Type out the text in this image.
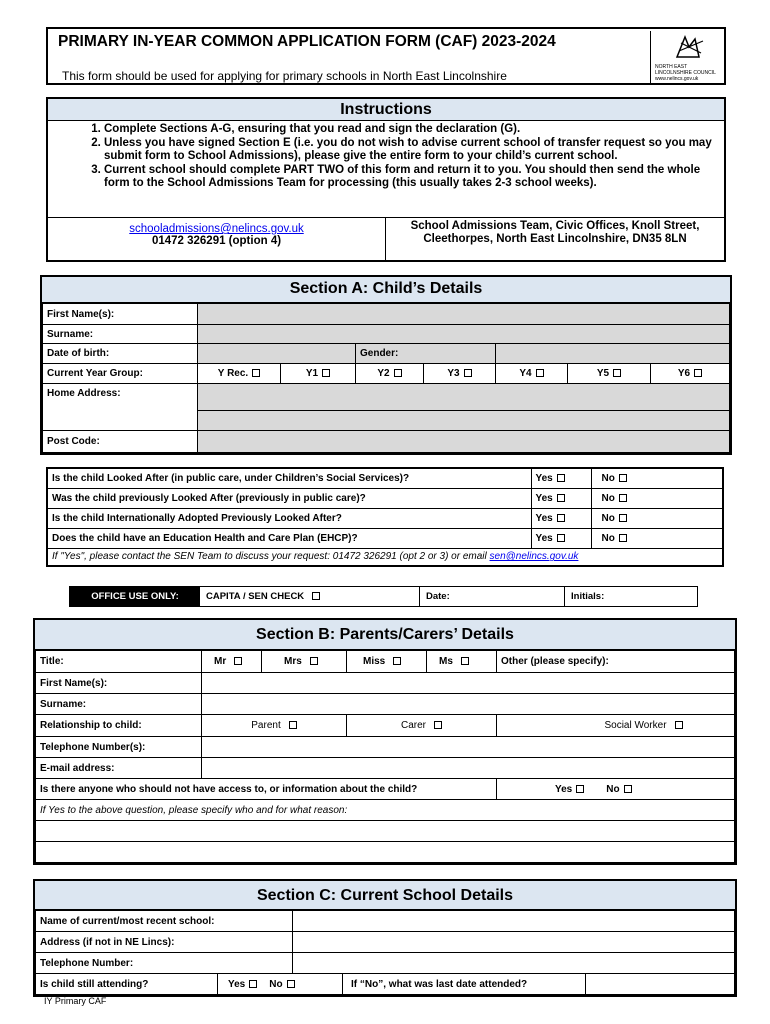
PRIMARY IN-YEAR COMMON APPLICATION FORM (CAF) 2023-2024
This form should be used for applying for primary schools in North East Lincolnshire
NORTH EAST LINCOLNSHIRE COUNCIL www.nelincs.gov.uk
Instructions
1. Complete Sections A-G, ensuring that you read and sign the declaration (G).
2. Unless you have signed Section E (i.e. you do not wish to advise current school of transfer request so you may submit form to School Admissions), please give the entire form to your child’s current school.
3. Current school should complete PART TWO of this form and return it to you. You should then send the whole form to the School Admissions Team for processing (this usually takes 2-3 school weeks).
schooladmissions@nelincs.gov.uk
01472 326291 (option 4)
School Admissions Team, Civic Offices, Knoll Street, Cleethorpes, North East Lincolnshire, DN35 8LN
Section A: Child’s Details
First Name(s):							
Surname:							
Date of birth:			Gender:				
Current Year Group:	Y Rec.	Y1	Y2	Y3	Y4	Y5	Y6
Home Address:							

Post Code:							
Is the child Looked After (in public care, under Children’s Social Services)?	Yes	No
Was the child previously Looked After (previously in public care)?	Yes	No
Is the child Internationally Adopted Previously Looked After?	Yes	No
Does the child have an Education Health and Care Plan (EHCP)?	Yes	No
If "Yes", please contact the SEN Team to discuss your request: 01472 326291 (opt 2 or 3) or email sen@nelincs.gov.uk		
OFFICE USE ONLY:	CAPITA / SEN CHECK	Date:	Initials:
Section B: Parents/Carers’ Details
Title:	Mr	Mrs	Miss	Ms	Other (please specify):
First Name(s):					
Surname:					
Relationship to child:	Parent		Carer		Social Worker
Telephone Number(s):					
E-mail address:					
Is there anyone who should not have access to, or information about the child?					Yes No
If Yes to the above question, please specify who and for what reason:					

Section C: Current School Details
Name of current/most recent school:				
Address (if not in NE Lincs):				
Telephone Number:				
Is child still attending?	Yes No		If “No”, what was last date attended?	
IY Primary CAF
